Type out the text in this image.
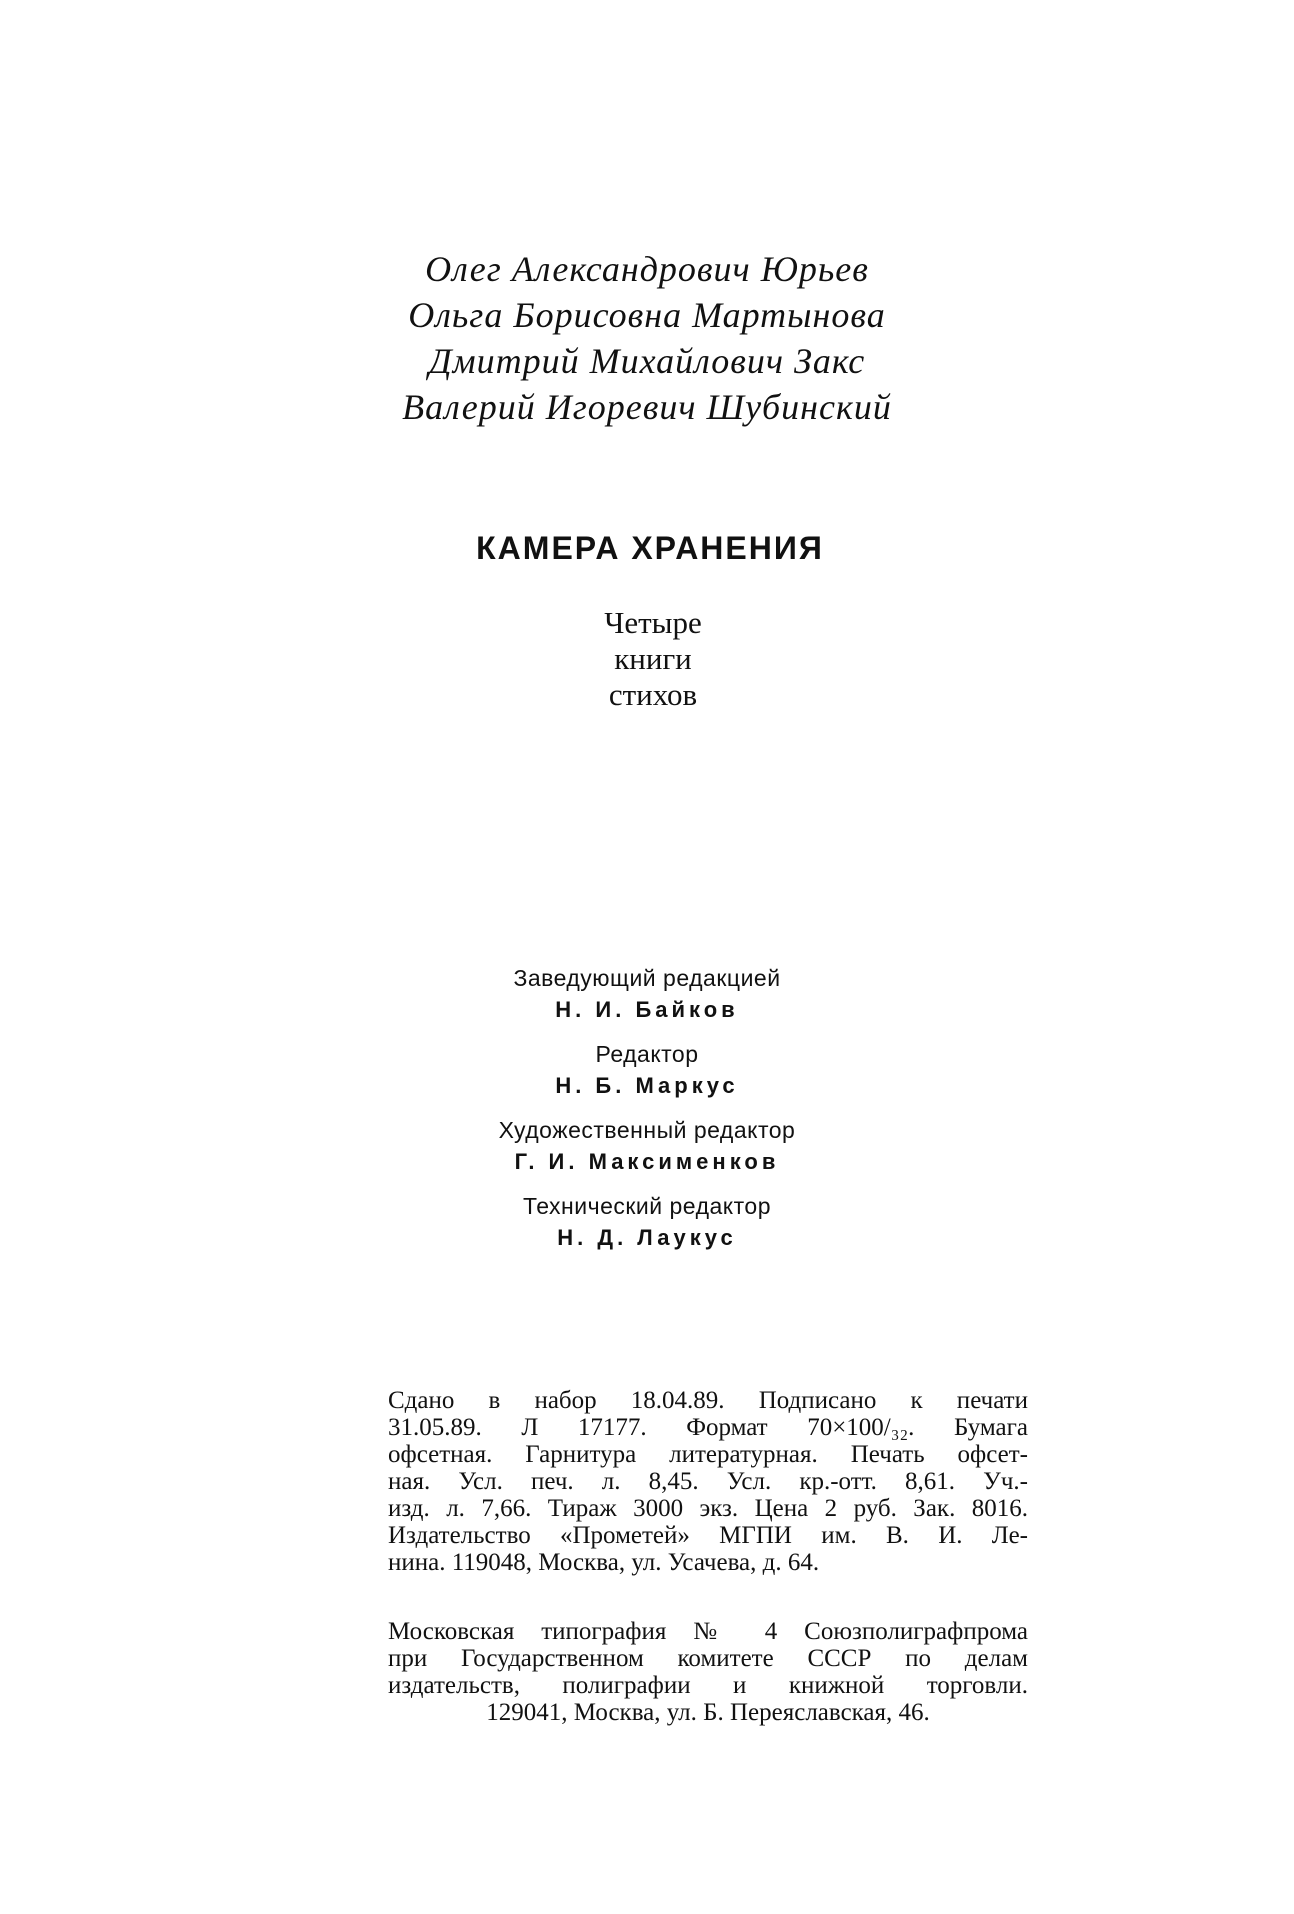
Олег Александрович Юрьев
Ольга Борисовна Мартынова
Дмитрий Михайлович Закс
Валерий Игоревич Шубинский
КАМЕРА ХРАНЕНИЯ
Четыре
книги
стихов
Заведующий редакцией
Н. И. Байков
Редактор
Н. Б. Маркус
Художественный редактор
Г. И. Максименков
Технический редактор
Н. Д. Лаукус
Сдано в набор 18.04.89. Подписано к печати
31.05.89. Л 17177. Формат 70×100/₃₂. Бумага
офсетная. Гарнитура литературная. Печать офсет-
ная. Усл. печ. л. 8,45. Усл. кр.-отт. 8,61. Уч.-
изд. л. 7,66. Тираж 3000 экз. Цена 2 руб. Зак. 8016.
Издательство «Прометей» МГПИ им. В. И. Ле-
нина. 119048, Москва, ул. Усачева, д. 64.
Московская типография № 4 Союзполиграфпрома
при Государственном комитете СССР по делам
издательств, полиграфии и книжной торговли.
129041, Москва, ул. Б. Переяславская, 46.
